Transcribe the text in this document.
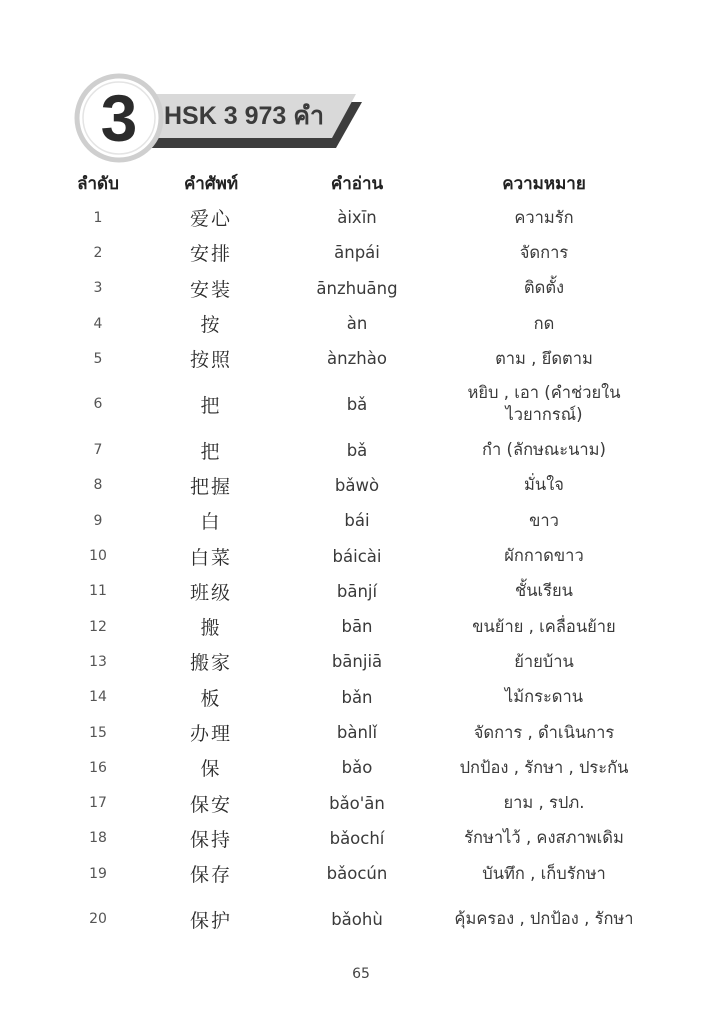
3	HSK 3 973 คำ
ลำดับ	คำศัพท์	คำอ่าน	ความหมาย
1	爱心	àixīn	ความรัก
2	安排	ānpái	จัดการ
3	安装	ānzhuāng	ติดตั้ง
4	按	àn	กด
5	按照	ànzhào	ตาม , ยึดตาม
6	把	bǎ	หยิบ , เอา (คำช่วยใน ไวยากรณ์)
7	把	bǎ	กำ (ลักษณะนาม)
8	把握	bǎwò	มั่นใจ
9	白	bái	ขาว
10	白菜	báicài	ผักกาดขาว
11	班级	bānjí	ชั้นเรียน
12	搬	bān	ขนย้าย , เคลื่อนย้าย
13	搬家	bānjiā	ย้ายบ้าน
14	板	bǎn	ไม้กระดาน
15	办理	bànlǐ	จัดการ , ดำเนินการ
16	保	bǎo	ปกป้อง , รักษา , ประกัน
17	保安	bǎo'ān	ยาม , รปภ.
18	保持	bǎochí	รักษาไว้ , คงสภาพเดิม
19	保存	bǎocún	บันทึก , เก็บรักษา
20	保护	bǎohù	คุ้มครอง , ปกป้อง , รักษา
65
